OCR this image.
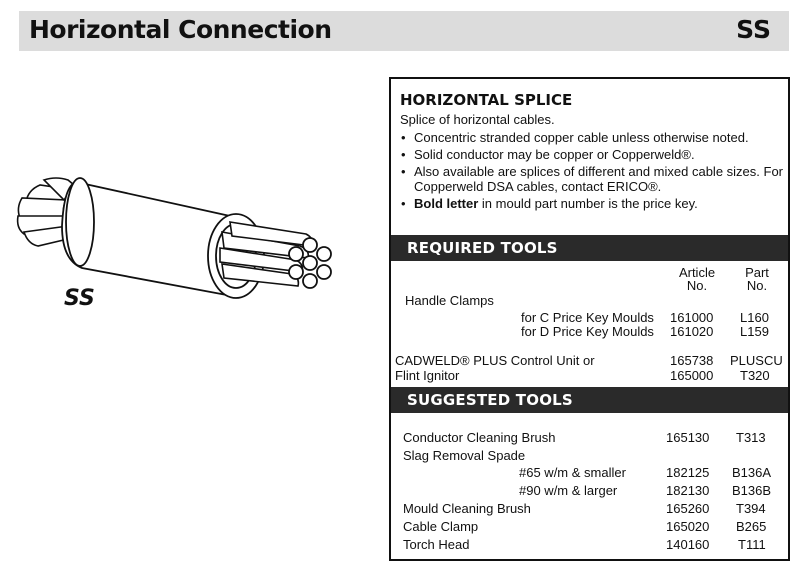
Horizontal Connection	SS
SS
HORIZONTAL SPLICE
Splice of horizontal cables.
• Concentric stranded copper cable unless otherwise noted.
• Solid conductor may be copper or Copperweld®.
• Also available are splices of different and mixed cable sizes. For Copperweld DSA cables, contact ERICO®.
• Bold letter in mould part number is the price key.
REQUIRED TOOLS
Article
No.
Part
No.
Handle Clamps
for C Price Key Moulds 161000 L160
for D Price Key Moulds 161020 L159
CADWELD® PLUS Control Unit or	165738 PLUSCU
Flint Ignitor	165000 T320
SUGGESTED TOOLS
Conductor Cleaning Brush	165130 T313
Slag Removal Spade
#65 w/m & smaller	182125 B136A
#90 w/m & larger	182130 B136B
Mould Cleaning Brush	165260 T394
Cable Clamp	165020 B265
Torch Head	140160 T111
